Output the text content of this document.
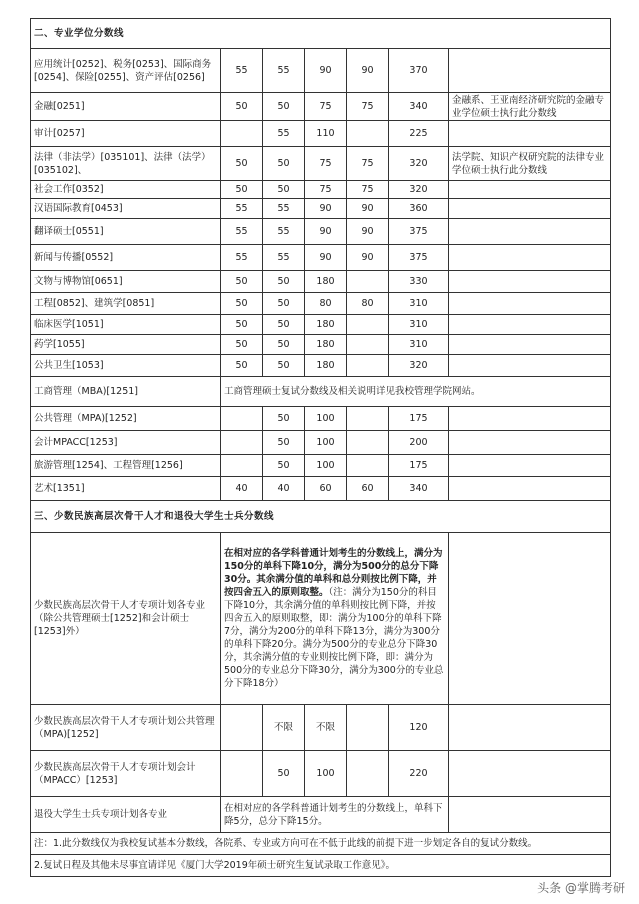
二、专业学位分数线						
应用统计[0252]、税务[0253]、国际商务[0254]、保险[0255]、资产评估[0256]	55	55	90	90	370	
金融[0251]	50	50	75	75	340	金融系、王亚南经济研究院的金融专业学位硕士执行此分数线
审计[0257]		55	110		225	
法律（非法学）[035101]、法律（法学）[035102]、	50	50	75	75	320	法学院、知识产权研究院的法律专业学位硕士执行此分数线
社会工作[0352]	50	50	75	75	320	
汉语国际教育[0453]	55	55	90	90	360	
翻译硕士[0551]	55	55	90	90	375	
新闻与传播[0552]	55	55	90	90	375	
文物与博物馆[0651]	50	50	180		330	
工程[0852]、建筑学[0851]	50	50	80	80	310	
临床医学[1051]	50	50	180		310	
药学[1055]	50	50	180		310	
公共卫生[1053]	50	50	180		320	
工商管理（MBA)[1251]	工商管理硕士复试分数线及相关说明详见我校管理学院网站。					
公共管理（MPA)[1252]		50	100		175	
会计MPACC[1253]		50	100		200	
旅游管理[1254]、工程管理[1256]		50	100		175	
艺术[1351]	40	40	60	60	340	
三、少数民族高层次骨干人才和退役大学生士兵分数线						
少数民族高层次骨干人才专项计划各专业（除公共管理硕士[1252]和会计硕士[1253]外）	在相对应的各学科普通计划考生的分数线上，满分为150分的单科下降10分，满分为500分的总分下降30分。其余满分值的单科和总分则按比例下降，并按四舍五入的原则取整。（注：满分为150分的科目下降10分，其余满分值的单科则按比例下降，并按四舍五入的原则取整，即：满分为100分的单科下降7分，满分为200分的单科下降13分，满分为300分的单科下降20分。满分为500分的专业总分下降30分，其余满分值的专业则按比例下降，即：满分为500分的专业总分下降30分，满分为300分的专业总分下降18分）					
少数民族高层次骨干人才专项计划公共管理（MPA)[1252]		不限	不限		120	
少数民族高层次骨干人才专项计划会计（MPACC）[1253]		50	100		220	
退役大学生士兵专项计划各专业	在相对应的各学科普通计划考生的分数线上，单科下降5分，总分下降15分。					
注：1.此分数线仅为我校复试基本分数线，各院系、专业或方向可在不低于此线的前提下进一步划定各自的复试分数线。						
2.复试日程及其他未尽事宜请详见《厦门大学2019年硕士研究生复试录取工作意见》。						
头条 @掌腾考研
